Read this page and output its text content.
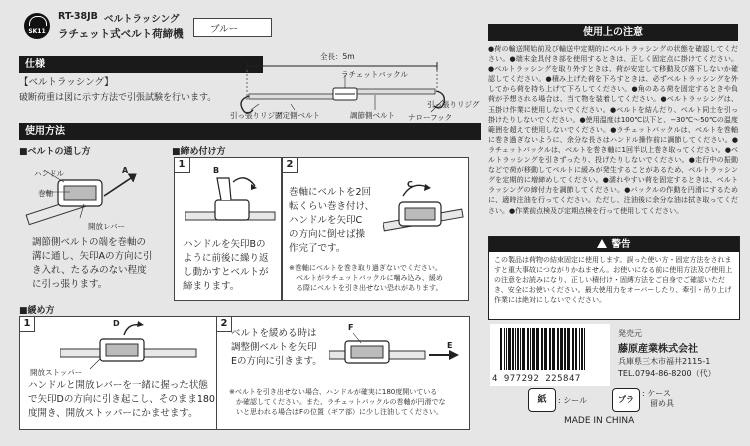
SK11
RT-38JB ベルトラッシング
ラチェット式ベルト荷締機	ブルー
仕様
【ベルトラッシング】
破断荷重は図に示す方法で引張試験を行います。
全長：5m
ラチェットバックル
引っ張りリジグ
引っ張りリジグ
固定側ベルト	調節側ベルト ナローフック
使用方法
■ベルトの通し方
ハンドル
巻軸
開放レバー
A
調節側ベルトの端を巻軸の
溝に通し、矢印Aの方向に引
き入れ、たるみのない程度
に引っ張ります。
■締め付け方
1
B
ハンドルを矢印Bの
ように前後に繰り返
し動かすとベルトが
締まります。
2
巻軸にベルトを2回
転くらい巻き付け、
ハンドルを矢印C
の方向に倒せば操
作完了です。
C
※巻軸にベルトを巻き取り過ぎないでください。
　ベルトがラチェットバックルに噛み込み、緩め
　る際にベルトを引き出せない恐れがあります。
■緩め方
1	D
開放ストッパー
ハンドルと開放レバーを一緒に握った状態
で矢印Dの方向に引き起こし、そのまま180
度開き、開放ストッパーにかませます。
2
ベルトを緩める時は
調整側ベルトを矢印
Eの方向に引きます。
F
E
※ベルトを引き出せない場合、ハンドルが確実に180度開いている
　か確認してください。また、ラチェットバックルの巻軸が円滑でな
　いと思われる場合はFの位置（ギア部）に少し注油してください。
使用上の注意
●荷の輸送開始前及び輸送中定期的にベルトラッシングの状態を確認してください。●端末金具付き部を使用するときは、正しく固定点に掛けてください。●ベルトラッシングを取り外すときは、荷が安定して移動及び落下しないか確認してください。●積み上げた荷を下ろすときは、必ずベルトラッシングを外してから荷を持ち上げて下ろしてください。●角のある荷を固定するときや負荷が予想される場合は、当て物を装着してください。●ベルトラッシングは、玉掛け作業に使用しないでください。●ベルトを結んだり、ベルト同士を引っ掛けたりしないでください。●使用温度は100℃以下と、−30℃〜50℃の温度範囲を超えて使用しないでください。●ラチェットバックルは、ベルトを巻軸に巻き過ぎないように、余分な長さはハンドル操作前に調節してください。●ラチェットバックルは、ベルトを巻き軸に1回半以上巻き取ってください。●ベルトラッシングを引きずったり、投げたりしないでください。●走行中の振動などで荷が移動してベルトに緩みが発生することがあるため、ベルトラッシングを定期的に増締めしてください。●濡れやすい荷を固定するときは、ベルトラッシングの締付力を調節してください。●バックルの作動を円滑にするために、適時注油を行ってください。ただし、注油後に余分な油は拭き取ってください。●作業前点検及び定期点検を行って使用してください。
警告
この製品は荷物の結束固定に使用します。誤った使い方・固定方法をされますと重大事故につながりかねません。お使いになる前に使用方法及び使用上の注意をお読みになり、正しい積付け・固縛方法をご自身でご確認いただき、安全にお使いください。最大使用力をオーバーしたり、牽引・吊り上げ作業には絶対にしないでください。
発売元
藤原産業株式会社
兵庫県三木市福井2115-1
TEL.0794-86-8200（代）
4 977292 225847
紙	: シール	プラ
: ケース
　留め具
MADE IN CHINA
